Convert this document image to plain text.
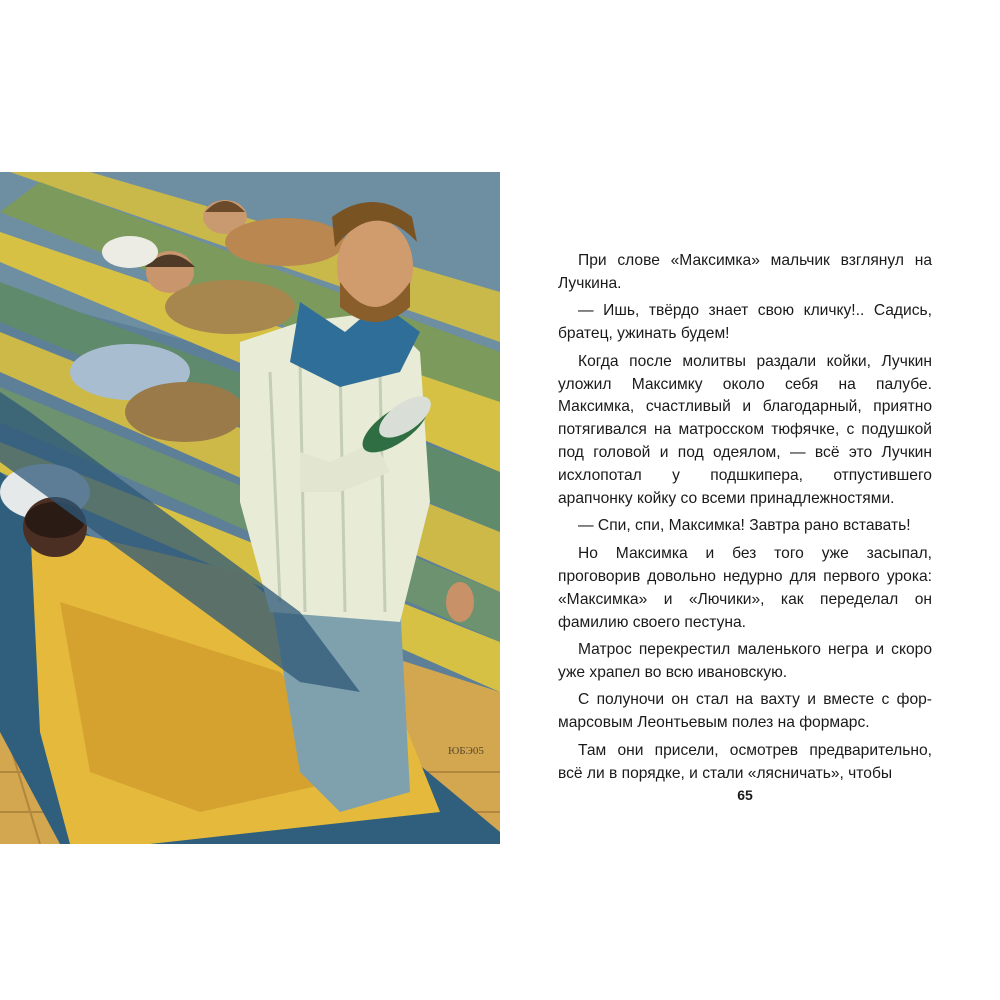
ЮБЭ05

При слове «Максимка» мальчик взглянул на Лучкина.

— Ишь, твёрдо знает свою кличку!.. Садись, братец, ужинать будем!

Когда после молитвы раздали койки, Лучкин уложил Максимку около себя на палубе. Максимка, счастливый и благодарный, приятно потягивался на матросском тюфячке, с подушкой под головой и под одеялом, — всё это Лучкин исхлопотал у подшкипера, отпустившего арапчонку койку со всеми принадлежностями.

— Спи, спи, Максимка! Завтра рано вставать!

Но Максимка и без того уже засыпал, проговорив довольно недурно для первого урока: «Максимка» и «Лючики», как переделал он фамилию своего пестуна.

Матрос перекрестил маленького негра и скоро уже храпел во всю ивановскую.

С полуночи он стал на вахту и вместе с фор-марсовым Леонтьевым полез на формарс.

Там они присели, осмотрев предварительно, всё ли в порядке, и стали «лясничать», чтобы

65
